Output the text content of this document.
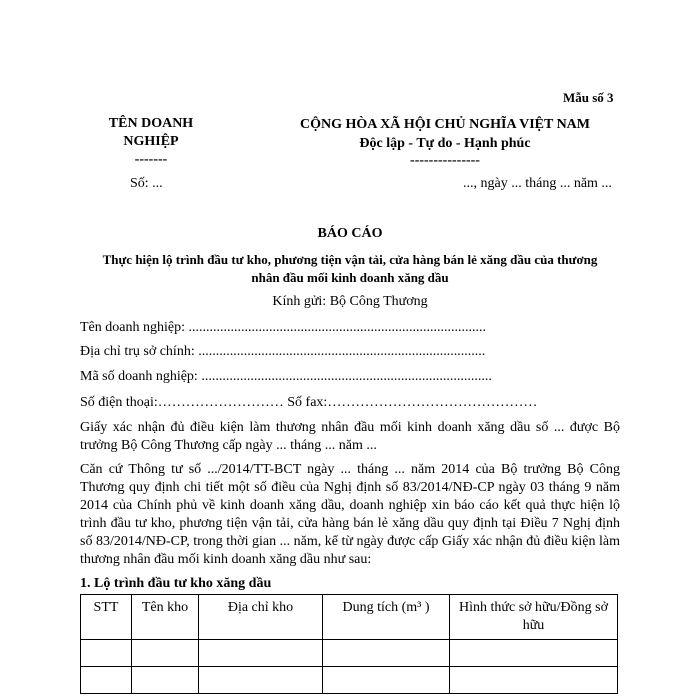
Mẫu số 3
TÊN DOANH
NGHIỆP
-------
Số: ...
CỘNG HÒA XÃ HỘI CHỦ NGHĨA VIỆT NAM
Độc lập - Tự do - Hạnh phúc
---------------
..., ngày ... tháng ... năm ...
BÁO CÁO
Thực hiện lộ trình đầu tư kho, phương tiện vận tải, cửa hàng bán lẻ xăng dầu của thương
nhân đầu mối kinh doanh xăng dầu
Kính gửi: Bộ Công Thương
Tên doanh nghiệp: .....................................................................................
Địa chỉ trụ sở chính: ..................................................................................
Mã số doanh nghiệp: ...................................................................................
Số điện thoại:……………………… Số fax:………………………………………
Giấy xác nhận đủ điều kiện làm thương nhân đầu mối kinh doanh xăng dầu số ... được Bộ trưởng Bộ Công Thương cấp ngày ... tháng ... năm ...
Căn cứ Thông tư số .../2014/TT-BCT ngày ... tháng ... năm 2014 của Bộ trưởng Bộ Công Thương quy định chi tiết một số điều của Nghị định số 83/2014/NĐ-CP ngày 03 tháng 9 năm 2014 của Chính phủ về kinh doanh xăng dầu, doanh nghiệp xin báo cáo kết quả thực hiện lộ trình đầu tư kho, phương tiện vận tải, cửa hàng bán lẻ xăng dầu quy định tại Điều 7 Nghị định số 83/2014/NĐ-CP, trong thời gian ... năm, kể từ ngày được cấp Giấy xác nhận đủ điều kiện làm thương nhân đầu mối kinh doanh xăng dầu như sau:
1. Lộ trình đầu tư kho xăng dầu
STT	Tên kho	Địa chỉ kho	Dung tích (m³ )	Hình thức sở hữu/Đồng sở hữu
